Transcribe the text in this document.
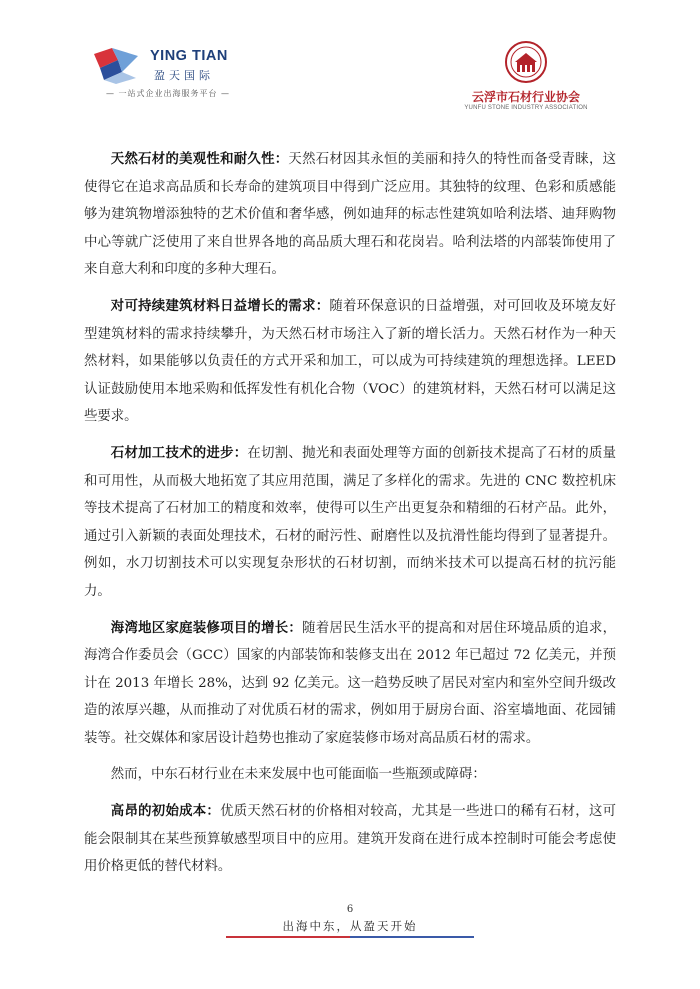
YING TIAN
盈天国际
— 一站式企业出海服务平台 —	云浮市石材行业协会
YUNFU STONE INDUSTRY ASSOCIATION

天然石材的美观性和耐久性：天然石材因其永恒的美丽和持久的特性而备受青睐，这使得它在追求高品质和长寿命的建筑项目中得到广泛应用。其独特的纹理、色彩和质感能够为建筑物增添独特的艺术价值和奢华感，例如迪拜的标志性建筑如哈利法塔、迪拜购物中心等就广泛使用了来自世界各地的高品质大理石和花岗岩。哈利法塔的内部装饰使用了来自意大利和印度的多种大理石。

对可持续建筑材料日益增长的需求：随着环保意识的日益增强，对可回收及环境友好型建筑材料的需求持续攀升，为天然石材市场注入了新的增长活力。天然石材作为一种天然材料，如果能够以负责任的方式开采和加工，可以成为可持续建筑的理想选择。LEED 认证鼓励使用本地采购和低挥发性有机化合物（VOC）的建筑材料，天然石材可以满足这些要求。

石材加工技术的进步：在切割、抛光和表面处理等方面的创新技术提高了石材的质量和可用性，从而极大地拓宽了其应用范围，满足了多样化的需求。先进的 CNC 数控机床等技术提高了石材加工的精度和效率，使得可以生产出更复杂和精细的石材产品。此外，通过引入新颖的表面处理技术，石材的耐污性、耐磨性以及抗滑性能均得到了显著提升。例如，水刀切割技术可以实现复杂形状的石材切割，而纳米技术可以提高石材的抗污能力。

海湾地区家庭装修项目的增长：随着居民生活水平的提高和对居住环境品质的追求，海湾合作委员会（GCC）国家的内部装饰和装修支出在 2012 年已超过 72 亿美元，并预计在 2013 年增长 28%，达到 92 亿美元。这一趋势反映了居民对室内和室外空间升级改造的浓厚兴趣，从而推动了对优质石材的需求，例如用于厨房台面、浴室墙地面、花园铺装等。社交媒体和家居设计趋势也推动了家庭装修市场对高品质石材的需求。

然而，中东石材行业在未来发展中也可能面临一些瓶颈或障碍：

高昂的初始成本：优质天然石材的价格相对较高，尤其是一些进口的稀有石材，这可能会限制其在某些预算敏感型项目中的应用。建筑开发商在进行成本控制时可能会考虑使用价格更低的替代材料。

6
出海中东，从盈天开始
